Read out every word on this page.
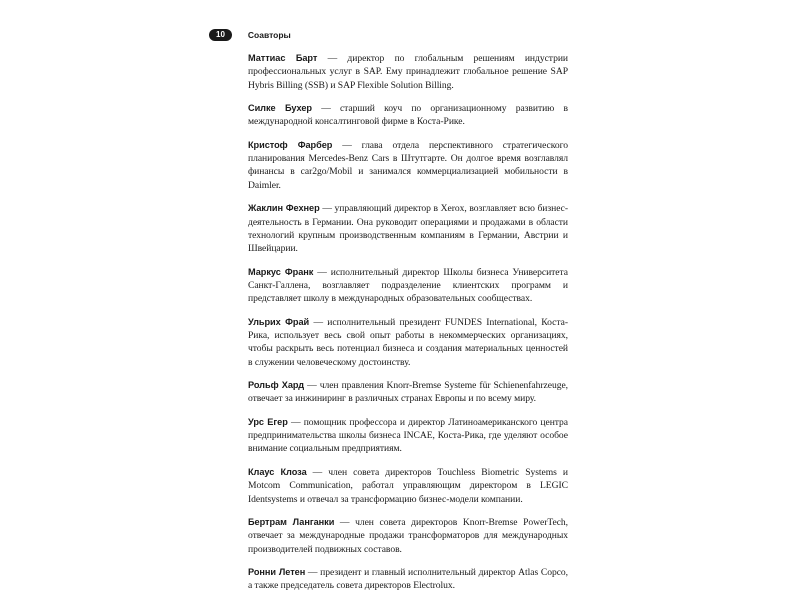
10	Соавторы

Маттиас Барт — директор по глобальным решениям индустрии профессиональных услуг в SAP. Ему принадлежит глобальное решение SAP Hybris Billing (SSB) и SAP Flexible Solution Billing.

Силке Бухер — старший коуч по организационному развитию в международной консалтинговой фирме в Коста-Рике.

Кристоф Фарбер — глава отдела перспективного стратегического планирования Mercedes-Benz Cars в Штутгарте. Он долгое время возглавлял финансы в car2go/Mobil и занимался коммерциализацией мобильности в Daimler.

Жаклин Фехнер — управляющий директор в Xerox, возглавляет всю бизнес-деятельность в Германии. Она руководит операциями и продажами в области технологий крупным производственным компаниям в Германии, Австрии и Швейцарии.

Маркус Франк — исполнительный директор Школы бизнеса Университета Санкт-Галлена, возглавляет подразделение клиентских программ и представляет школу в международных образовательных сообществах.

Ульрих Фрай — исполнительный президент FUNDES International, Коста-Рика, использует весь свой опыт работы в некоммерческих организациях, чтобы раскрыть весь потенциал бизнеса и создания материальных ценностей в служении человеческому достоинству.

Рольф Хард — член правления Knorr-Bremse Systeme für Schienenfahrzeuge, отвечает за инжиниринг в различных странах Европы и по всему миру.

Урс Егер — помощник профессора и директор Латиноамериканского центра предпринимательства школы бизнеса INCAE, Коста-Рика, где уделяют особое внимание социальным предприятиям.

Клаус Клоза — член совета директоров Touchless Biometric Systems и Motcom Communication, работал управляющим директором в LEGIC Identsystems и отвечал за трансформацию бизнес-модели компании.

Бертрам Ланганки — член совета директоров Knorr-Bremse PowerTech, отвечает за международные продажи трансформаторов для международных производителей подвижных составов.

Ронни Летен — президент и главный исполнительный директор Atlas Copco, а также председатель совета директоров Electrolux.
